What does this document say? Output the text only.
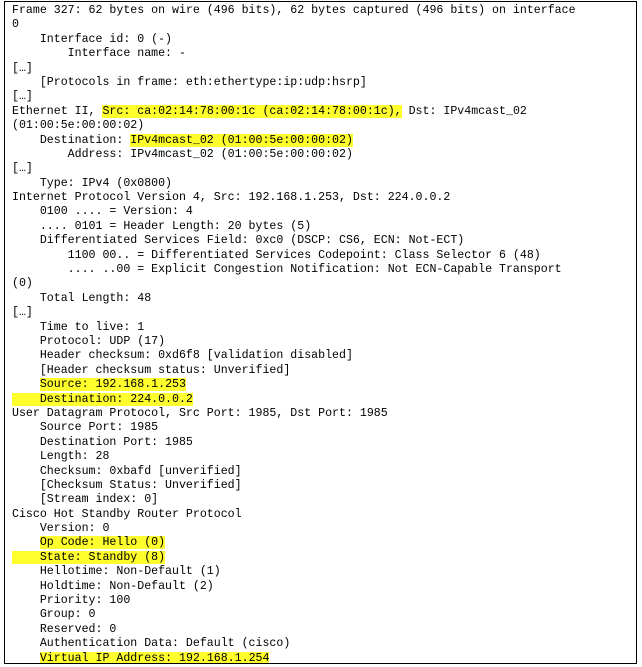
Frame 327: 62 bytes on wire (496 bits), 62 bytes captured (496 bits) on interface
0
Interface id: 0 (-)
Interface name: -
[…]
[Protocols in frame: eth:ethertype:ip:udp:hsrp]
[…]
Ethernet II, Src: ca:02:14:78:00:1c (ca:02:14:78:00:1c), Dst: IPv4mcast_02
(01:00:5e:00:00:02)
Destination: IPv4mcast_02 (01:00:5e:00:00:02)
Address: IPv4mcast_02 (01:00:5e:00:00:02)
[…]
Type: IPv4 (0x0800)
Internet Protocol Version 4, Src: 192.168.1.253, Dst: 224.0.0.2
0100 .... = Version: 4
.... 0101 = Header Length: 20 bytes (5)
Differentiated Services Field: 0xc0 (DSCP: CS6, ECN: Not-ECT)
1100 00.. = Differentiated Services Codepoint: Class Selector 6 (48)
.... ..00 = Explicit Congestion Notification: Not ECN-Capable Transport
(0)
Total Length: 48
[…]
Time to live: 1
Protocol: UDP (17)
Header checksum: 0xd6f8 [validation disabled]
[Header checksum status: Unverified]
Source: 192.168.1.253
Destination: 224.0.0.2
User Datagram Protocol, Src Port: 1985, Dst Port: 1985
Source Port: 1985
Destination Port: 1985
Length: 28
Checksum: 0xbafd [unverified]
[Checksum Status: Unverified]
[Stream index: 0]
Cisco Hot Standby Router Protocol
Version: 0
Op Code: Hello (0)
State: Standby (8)
Hellotime: Non-Default (1)
Holdtime: Non-Default (2)
Priority: 100
Group: 0
Reserved: 0
Authentication Data: Default (cisco)
Virtual IP Address: 192.168.1.254
